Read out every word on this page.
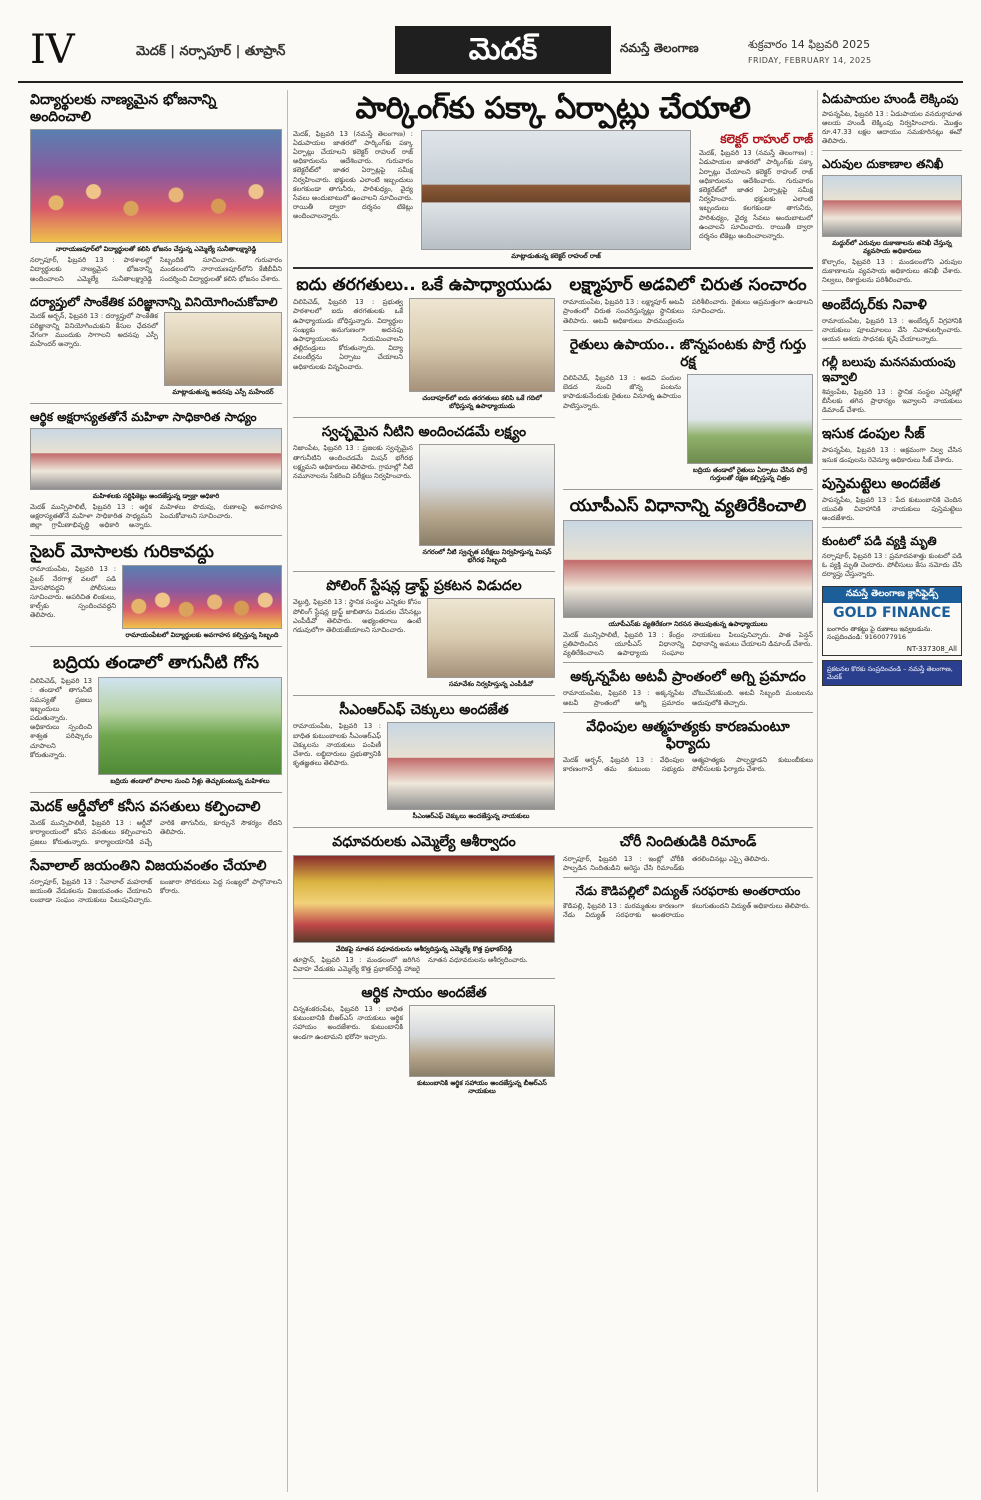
IV	మెదక్ | నర్సాపూర్ | తూప్రాన్	మెదక్	నమస్తే తెలంగాణ	శుక్రవారం 14 ఫిబ్రవరి 2025
FRIDAY, FEBRUARY 14, 2025
విద్యార్థులకు నాణ్యమైన భోజనాన్ని అందించాలి
నారాయణపూర్‌లో విద్యార్థులతో కలిసి భోజనం చేస్తున్న ఎమ్మెల్యే సునీతాలక్ష్మారెడ్డి

నర్సాపూర్, ఫిబ్రవరి 13 : పాఠశాలల్లో విద్యార్థులకు నాణ్యమైన భోజనాన్ని అందించాలని ఎమ్మెల్యే సునీతాలక్ష్మారెడ్డి సిబ్బందికి సూచించారు. గురువారం మండలంలోని నారాయణపూర్‌లోని కేజీబీవీని సందర్శించి విద్యార్థులతో కలిసి భోజనం చేశారు.

దర్యాప్తులో సాంకేతిక పరిజ్ఞానాన్ని వినియోగించుకోవాలి

మెదక్ అర్బన్, ఫిబ్రవరి 13 : దర్యాప్తులో సాంకేతిక పరిజ్ఞానాన్ని వినియోగించుకుని కేసుల ఛేదనలో వేగంగా ముందుకు సాగాలని అదనపు ఎస్పీ మహేందర్ అన్నారు.

మాట్లాడుతున్న అదనపు ఎస్పీ మహేందర్
ఆర్థిక అక్షరాస్యతతోనే మహిళా సాధికారిత సాధ్యం
మహిళలకు సర్టిఫికెట్లు అందజేస్తున్న డ్వాక్రా అధికారి

మెదక్ మున్సిపాలిటీ, ఫిబ్రవరి 13 : ఆర్థిక అక్షరాస్యతతోనే మహిళా సాధికారిత సాధ్యమని జిల్లా గ్రామీణాభివృద్ధి అధికారి అన్నారు. మహిళలు పొదుపు, రుణాలపై అవగాహన పెంచుకోవాలని సూచించారు.

సైబర్ మోసాలకు గురికావద్దు

రామాయంపేట, ఫిబ్రవరి 13 : సైబర్ నేరగాళ్ల వలలో పడి మోసపోవద్దని పోలీసులు సూచించారు. అపరిచిత లింకులు, కాల్స్‌కు స్పందించవద్దని తెలిపారు.

రామాయంపేటలో విద్యార్థులకు అవగాహన కల్పిస్తున్న సిబ్బంది
బద్రియ తండాలో తాగునీటి గోస

చిలిపిచెడ్, ఫిబ్రవరి 13 : తండాలో తాగునీటి సమస్యతో ప్రజలు ఇబ్బందులు పడుతున్నారు. అధికారులు స్పందించి శాశ్వత పరిష్కారం చూపాలని కోరుతున్నారు.

బద్రియ తండాలో పొలాల నుంచి నీళ్లు తెచ్చుకుంటున్న మహిళలు
మెదక్ ఆర్డీవోలో కనీస వసతులు కల్పించాలి

మెదక్ మున్సిపాలిటీ, ఫిబ్రవరి 13 : ఆర్డీవో కార్యాలయంలో కనీస వసతులు కల్పించాలని ప్రజలు కోరుతున్నారు. కార్యాలయానికి వచ్చే వారికి తాగునీరు, కూర్చునే సౌకర్యం లేదని తెలిపారు.

సేవాలాల్ జయంతిని విజయవంతం చేయాలి

నర్సాపూర్, ఫిబ్రవరి 13 : సేవాలాల్ మహరాజ్ జయంతి వేడుకలను విజయవంతం చేయాలని లంబాడా సంఘం నాయకులు పిలుపునిచ్చారు. బంజారా సోదరులు పెద్ద సంఖ్యలో పాల్గొనాలని కోరారు.

పార్కింగ్‌కు పక్కా ఏర్పాట్లు చేయాలి

మెదక్, ఫిబ్రవరి 13 (నమస్తే తెలంగాణ) : ఏడుపాయల జాతరలో పార్కింగ్‌కు పక్కా ఏర్పాట్లు చేయాలని కలెక్టర్ రాహుల్ రాజ్ అధికారులను ఆదేశించారు. గురువారం కలెక్టరేట్‌లో జాతర ఏర్పాట్లపై సమీక్ష నిర్వహించారు. భక్తులకు ఎలాంటి ఇబ్బందులు కలగకుండా తాగునీరు, పారిశుధ్యం, వైద్య సేవలు అందుబాటులో ఉంచాలని సూచించారు. రాయితీ ద్వారా దర్శనం టికెట్లు అందించాలన్నారు.

మాట్లాడుతున్న కలెక్టర్ రాహుల్ రాజ్
కలెక్టర్ రాహుల్ రాజ్

మెదక్, ఫిబ్రవరి 13 (నమస్తే తెలంగాణ) : ఏడుపాయల జాతరలో పార్కింగ్‌కు పక్కా ఏర్పాట్లు చేయాలని కలెక్టర్ రాహుల్ రాజ్ అధికారులను ఆదేశించారు. గురువారం కలెక్టరేట్‌లో జాతర ఏర్పాట్లపై సమీక్ష నిర్వహించారు. భక్తులకు ఎలాంటి ఇబ్బందులు కలగకుండా తాగునీరు, పారిశుధ్యం, వైద్య సేవలు అందుబాటులో ఉంచాలని సూచించారు. రాయితీ ద్వారా దర్శనం టికెట్లు అందించాలన్నారు.

ఐదు తరగతులు.. ఒకే ఉపాధ్యాయుడు

చిలిపిచెడ్, ఫిబ్రవరి 13 : ప్రభుత్వ పాఠశాలలో ఐదు తరగతులకు ఒకే ఉపాధ్యాయుడు బోధిస్తున్నారు. విద్యార్థుల సంఖ్యకు అనుగుణంగా అదనపు ఉపాధ్యాయులను నియమించాలని తల్లిదండ్రులు కోరుతున్నారు. విద్యా వలంటీర్లను ఏర్పాటు చేయాలని అధికారులకు విన్నవించారు.

చందాపూర్‌లో ఐదు తరగతులు కలిపి ఒకే గదిలో బోధిస్తున్న ఉపాధ్యాయుడు
స్వచ్ఛమైన నీటిని అందించడమే లక్ష్యం

నిజాంపేట, ఫిబ్రవరి 13 : ప్రజలకు స్వచ్ఛమైన తాగునీటిని అందించడమే మిషన్ భగీరథ లక్ష్యమని అధికారులు తెలిపారు. గ్రామాల్లో నీటి నమూనాలను సేకరించి పరీక్షలు నిర్వహించారు.

నగరంలో నీటి స్వచ్ఛత పరీక్షలు నిర్వహిస్తున్న మిషన్ భగీరథ సిబ్బంది
పోలింగ్ స్టేషన్ల డ్రాఫ్ట్ ప్రకటన విడుదల

వెల్దుర్తి, ఫిబ్రవరి 13 : స్థానిక సంస్థల ఎన్నికల కోసం పోలింగ్ స్టేషన్ల డ్రాఫ్ట్ జాబితాను విడుదల చేసినట్లు ఎంపీడీవో తెలిపారు. అభ్యంతరాలు ఉంటే గడువులోగా తెలియజేయాలని సూచించారు.

సమావేశం నిర్వహిస్తున్న ఎంపీడీవో
సీఎంఆర్‌ఎఫ్ చెక్కులు అందజేత

రామాయంపేట, ఫిబ్రవరి 13 : బాధిత కుటుంబాలకు సీఎంఆర్‌ఎఫ్ చెక్కులను నాయకులు పంపిణీ చేశారు. లబ్ధిదారులు ప్రభుత్వానికి కృతజ్ఞతలు తెలిపారు.

సీఎంఆర్‌ఎఫ్ చెక్కులు అందజేస్తున్న నాయకులు
లక్ష్మాపూర్ అడవిలో చిరుత సంచారం

రామాయంపేట, ఫిబ్రవరి 13 : లక్ష్మాపూర్ అటవీ ప్రాంతంలో చిరుత సంచరిస్తున్నట్లు స్థానికులు తెలిపారు. అటవీ అధికారులు పాదముద్రలను పరిశీలించారు. రైతులు అప్రమత్తంగా ఉండాలని సూచించారు.

రైతులు ఉపాయం.. జొన్నపంటకు పొర్రే గుర్తు రక్ష

చిలిపిచెడ్, ఫిబ్రవరి 13 : అడవి పందుల బెడద నుంచి జొన్న పంటను కాపాడుకునేందుకు రైతులు వినూత్న ఉపాయం పాటిస్తున్నారు.

బద్రియ తండాలో రైతులు ఏర్పాటు చేసిన పొర్రే గుర్తులతో రక్షణ కల్పిస్తున్న చిత్రం
యూపీఎస్ విధానాన్ని వ్యతిరేకించాలి
యూపీఎస్‌కు వ్యతిరేకంగా నిరసన తెలుపుతున్న ఉపాధ్యాయులు

మెదక్ మున్సిపాలిటీ, ఫిబ్రవరి 13 : కేంద్రం ప్రతిపాదించిన యూపీఎస్ విధానాన్ని వ్యతిరేకించాలని ఉపాధ్యాయ సంఘాల నాయకులు పిలుపునిచ్చారు. పాత పెన్షన్ విధానాన్ని అమలు చేయాలని డిమాండ్ చేశారు.

అక్కన్నపేట అటవీ ప్రాంతంలో అగ్ని ప్రమాదం

రామాయంపేట, ఫిబ్రవరి 13 : అక్కన్నపేట అటవీ ప్రాంతంలో అగ్ని ప్రమాదం చోటుచేసుకుంది. అటవీ సిబ్బంది మంటలను అదుపులోకి తెచ్చారు.

వేధింపుల ఆత్మహత్యకు కారణమంటూ ఫిర్యాదు

మెదక్ అర్బన్, ఫిబ్రవరి 13 : వేధింపుల కారణంగానే తమ కుటుంబ సభ్యుడు ఆత్మహత్యకు పాల్పడ్డాడని కుటుంబీకులు పోలీసులకు ఫిర్యాదు చేశారు.

వధూవరులకు ఎమ్మెల్యే ఆశీర్వాదం
వేదికపై నూతన వధూవరులను ఆశీర్వదిస్తున్న ఎమ్మెల్యే కొత్త ప్రభాకర్‌రెడ్డి

తూప్రాన్, ఫిబ్రవరి 13 : మండలంలో జరిగిన వివాహ వేడుకకు ఎమ్మెల్యే కొత్త ప్రభాకర్‌రెడ్డి హాజరై నూతన వధూవరులను ఆశీర్వదించారు.

ఆర్థిక సాయం అందజేత

చిన్నశంకరంపేట, ఫిబ్రవరి 13 : బాధిత కుటుంబానికి బీఆర్‌ఎస్ నాయకులు ఆర్థిక సహాయం అందజేశారు. కుటుంబానికి అండగా ఉంటామని భరోసా ఇచ్చారు.

కుటుంబానికి ఆర్థిక సహాయం అందజేస్తున్న బీఆర్‌ఎస్ నాయకులు
చోరీ నిందితుడికి రిమాండ్

నర్సాపూర్, ఫిబ్రవరి 13 : ఇంట్లో చోరీకి పాల్పడిన నిందితుడిని అరెస్టు చేసి రిమాండ్‌కు తరలించినట్లు ఎస్సై తెలిపారు.

నేడు కౌడిపల్లిలో విద్యుత్ సరఫరాకు అంతరాయం

కౌడిపల్లి, ఫిబ్రవరి 13 : మరమ్మతుల కారణంగా నేడు విద్యుత్ సరఫరాకు అంతరాయం కలుగుతుందని విద్యుత్ అధికారులు తెలిపారు.

ఏడుపాయల హుండీ లెక్కింపు

పాపన్నపేట, ఫిబ్రవరి 13 : ఏడుపాయల వనదుర్గామాత ఆలయ హుండీ లెక్కింపు నిర్వహించారు. మొత్తం రూ.47.33 లక్షల ఆదాయం సమకూరినట్లు ఈవో తెలిపారు.

ఎరువుల దుకాణాల తనిఖీ
మద్దుర్‌లో ఎరువుల దుకాణాలను తనిఖీ చేస్తున్న వ్యవసాయ అధికారులు

కొల్చారం, ఫిబ్రవరి 13 : మండలంలోని ఎరువుల దుకాణాలను వ్యవసాయ అధికారులు తనిఖీ చేశారు. నిల్వలు, రికార్డులను పరిశీలించారు.

అంబేద్కర్‌కు నివాళి

రామాయంపేట, ఫిబ్రవరి 13 : అంబేద్కర్ విగ్రహానికి నాయకులు పూలమాలలు వేసి నివాళులర్పించారు. ఆయన ఆశయ సాధనకు కృషి చేయాలన్నారు.

గల్లీ బలుపు మనసమయంపు ఇవ్వాలి

శివ్వంపేట, ఫిబ్రవరి 13 : స్థానిక సంస్థల ఎన్నికల్లో బీసీలకు తగిన ప్రాధాన్యం ఇవ్వాలని నాయకులు డిమాండ్ చేశారు.

ఇసుక డంపుల సీజ్

పాపన్నపేట, ఫిబ్రవరి 13 : అక్రమంగా నిల్వ చేసిన ఇసుక డంపులను రెవెన్యూ అధికారులు సీజ్ చేశారు.

పుస్తెమట్టెలు అందజేత

పాపన్నపేట, ఫిబ్రవరి 13 : పేద కుటుంబానికి చెందిన యువతి వివాహానికి నాయకులు పుస్తెమట్టెలు అందజేశారు.

కుంటలో పడి వ్యక్తి మృతి

నర్సాపూర్, ఫిబ్రవరి 13 : ప్రమాదవశాత్తు కుంటలో పడి ఓ వ్యక్తి మృతి చెందారు. పోలీసులు కేసు నమోదు చేసి దర్యాప్తు చేస్తున్నారు.

నమస్తే తెలంగాణ క్లాసిఫైడ్స్
GOLD FINANCE
బంగారం తాకట్టు పై రుణాలు ఇవ్వబడును. సంప్రదించండి: 9160077916
NT-337308_All
ప్రకటనల కొరకు సంప్రదించండి – నమస్తే తెలంగాణ, మెదక్
